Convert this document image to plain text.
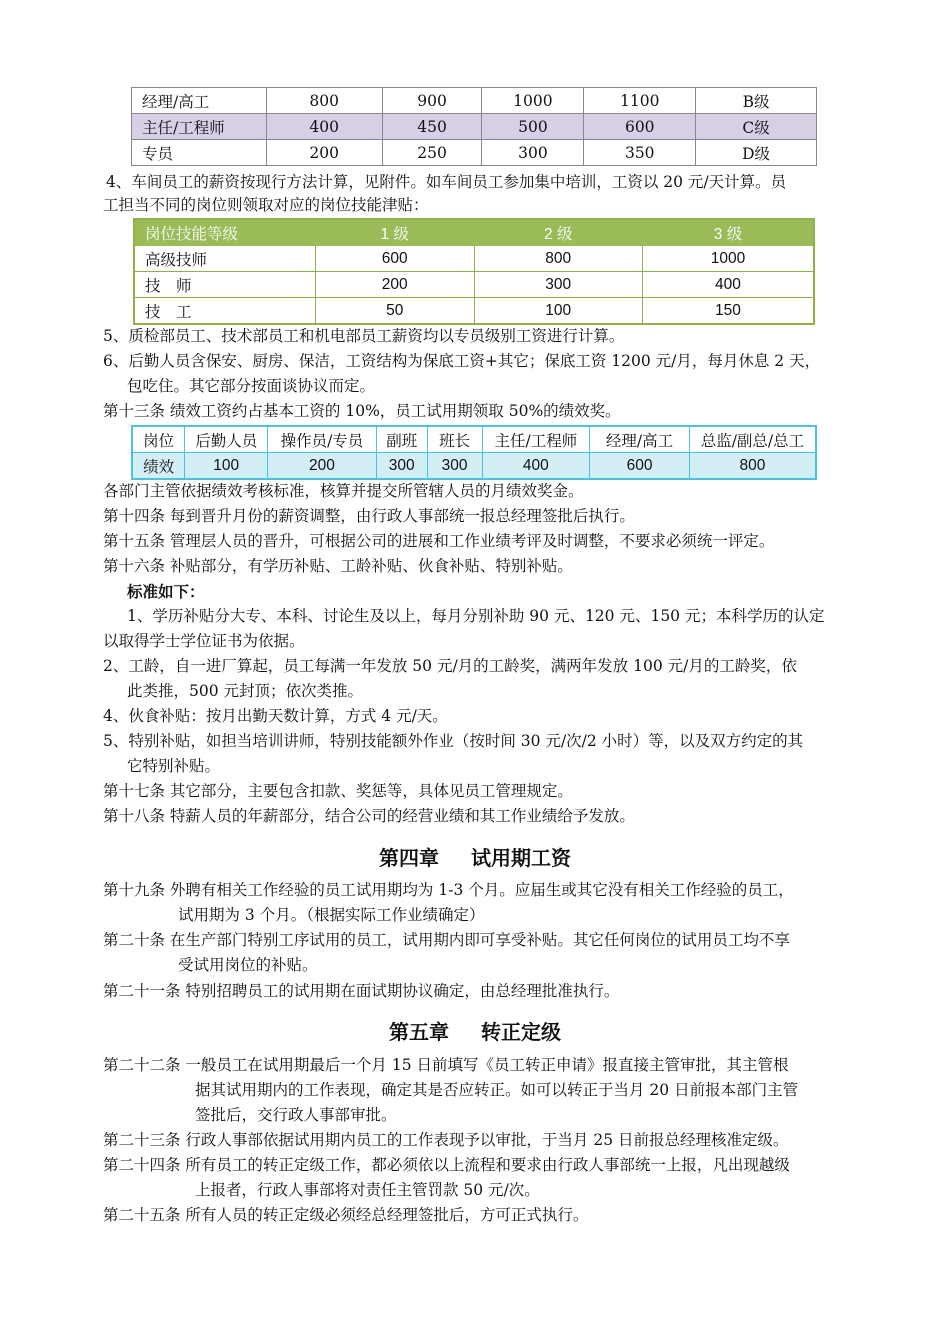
经理/高工	800	900	1000	1100	B级
主任/工程师	400	450	500	600	C级
专员	200	250	300	350	D级
4、车间员工的薪资按现行方法计算，见附件。如车间员工参加集中培训，工资以 20 元/天计算。员
工担当不同的岗位则领取对应的岗位技能津贴：
岗位技能等级	1 级	2 级	3 级
高级技师	600	800	1000
技　师	200	300	400
技　工	50	100	150
5、质检部员工、技术部员工和机电部员工薪资均以专员级别工资进行计算。
6、后勤人员含保安、厨房、保洁，工资结构为保底工资+其它；保底工资 1200 元/月，每月休息 2 天，
包吃住。其它部分按面谈协议而定。
第十三条 绩效工资约占基本工资的 10%，员工试用期领取 50%的绩效奖。
岗位	后勤人员	操作员/专员	副班	班长	主任/工程师	经理/高工	总监/副总/总工
绩效	100	200	300	300	400	600	800
各部门主管依据绩效考核标准，核算并提交所管辖人员的月绩效奖金。
第十四条 每到晋升月份的薪资调整，由行政人事部统一报总经理签批后执行。
第十五条 管理层人员的晋升，可根据公司的进展和工作业绩考评及时调整，不要求必须统一评定。
第十六条 补贴部分，有学历补贴、工龄补贴、伙食补贴、特别补贴。
标准如下：
1、学历补贴分大专、本科、讨论生及以上，每月分别补助 90 元、120 元、150 元；本科学历的认定
以取得学士学位证书为依据。
2、工龄，自一进厂算起，员工每满一年发放 50 元/月的工龄奖，满两年发放 100 元/月的工龄奖，依
此类推，500 元封顶；依次类推。
4、伙食补贴：按月出勤天数计算，方式 4 元/天。
5、特别补贴，如担当培训讲师，特别技能额外作业（按时间 30 元/次/2 小时）等，以及双方约定的其
它特别补贴。
第十七条 其它部分，主要包含扣款、奖惩等，具体见员工管理规定。
第十八条 特薪人员的年薪部分，结合公司的经营业绩和其工作业绩给予发放。
第四章 试用期工资
第十九条 外聘有相关工作经验的员工试用期均为 1-3 个月。应届生或其它没有相关工作经验的员工，
试用期为 3 个月。（根据实际工作业绩确定）
第二十条 在生产部门特别工序试用的员工，试用期内即可享受补贴。其它任何岗位的试用员工均不享
受试用岗位的补贴。
第二十一条 特别招聘员工的试用期在面试期协议确定，由总经理批准执行。
第五章 转正定级
第二十二条 一般员工在试用期最后一个月 15 日前填写《员工转正申请》报直接主管审批，其主管根
据其试用期内的工作表现，确定其是否应转正。如可以转正于当月 20 日前报本部门主管
签批后，交行政人事部审批。
第二十三条 行政人事部依据试用期内员工的工作表现予以审批，于当月 25 日前报总经理核准定级。
第二十四条 所有员工的转正定级工作，都必须依以上流程和要求由行政人事部统一上报，凡出现越级
上报者，行政人事部将对责任主管罚款 50 元/次。
第二十五条 所有人员的转正定级必须经总经理签批后，方可正式执行。
